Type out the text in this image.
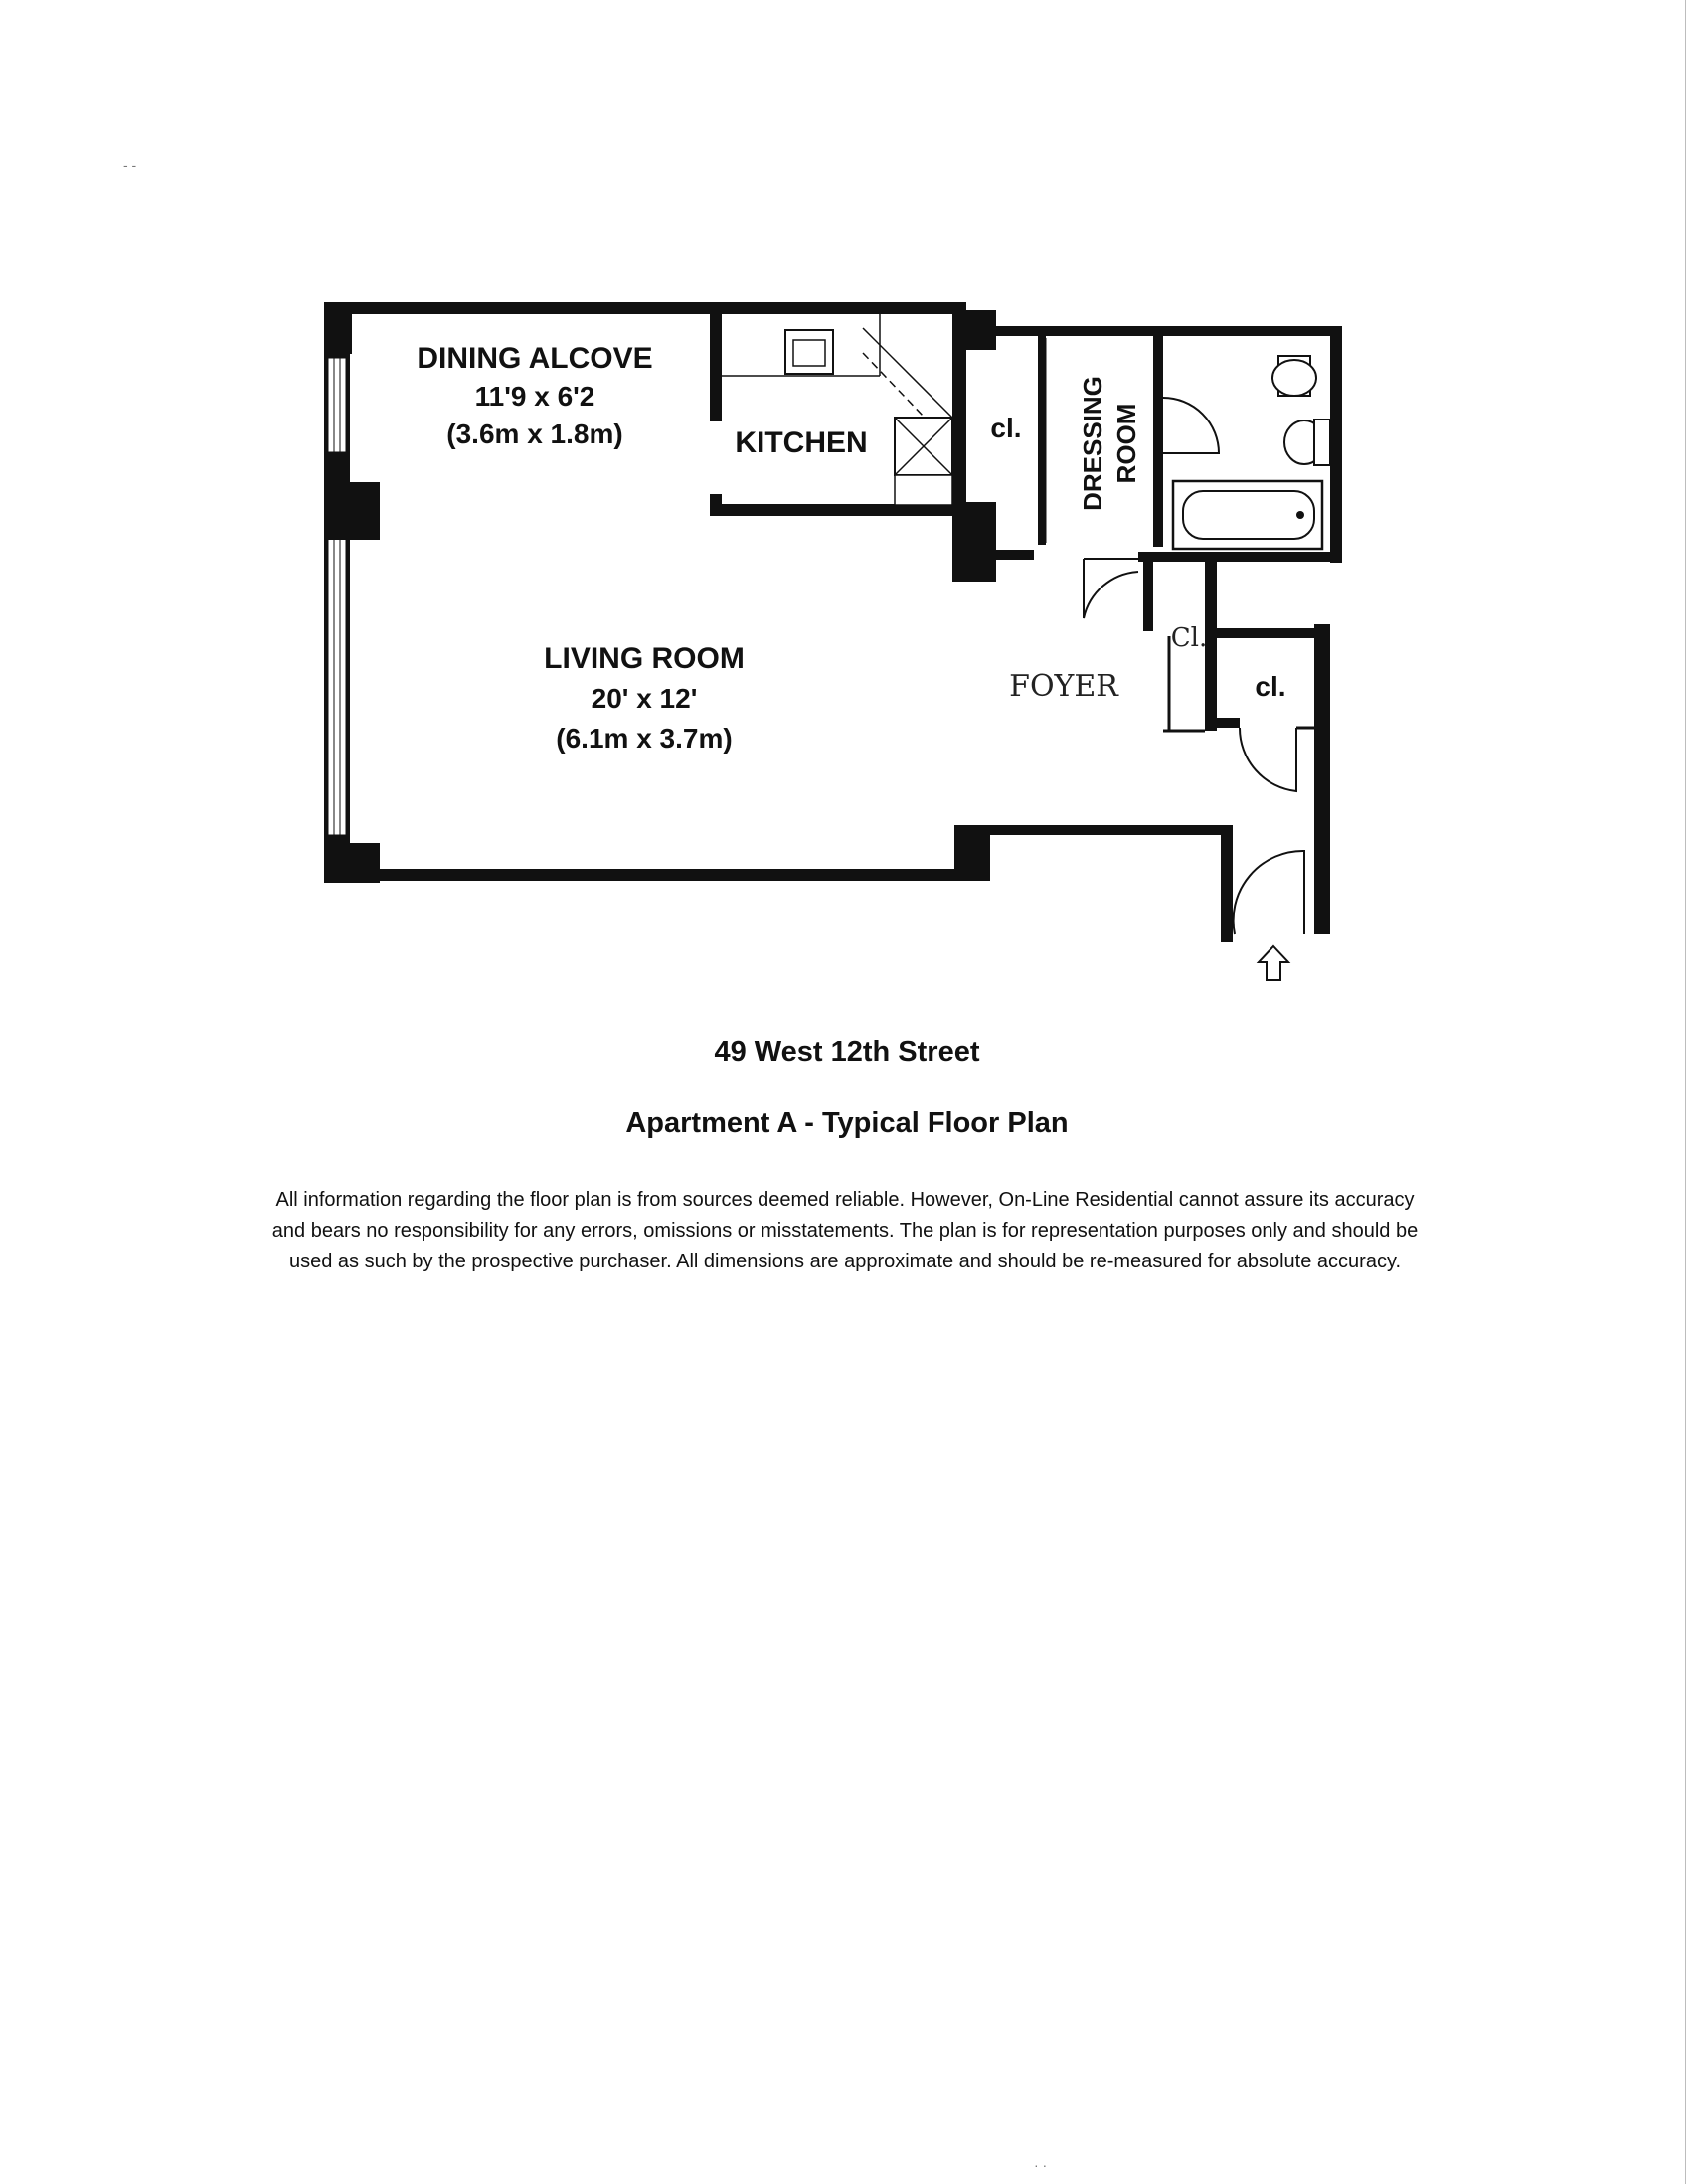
- -
DINING ALCOVE
11'9 x 6'2
(3.6m x 1.8m)	KITCHEN	cl. DRESSING ROOM
LIVING ROOM
20' x 12'
(6.1m x 3.7m)
FOYER
Cl.
cl.
49 West 12th Street
Apartment A - Typical Floor Plan
All information regarding the floor plan is from sources deemed reliable. However, On-Line Residential cannot assure its accuracy
and bears no responsibility for any errors, omissions or misstatements. The plan is for representation purposes only and should be
used as such by the prospective purchaser. All dimensions are approximate and should be re-measured for absolute accuracy.
· ·
